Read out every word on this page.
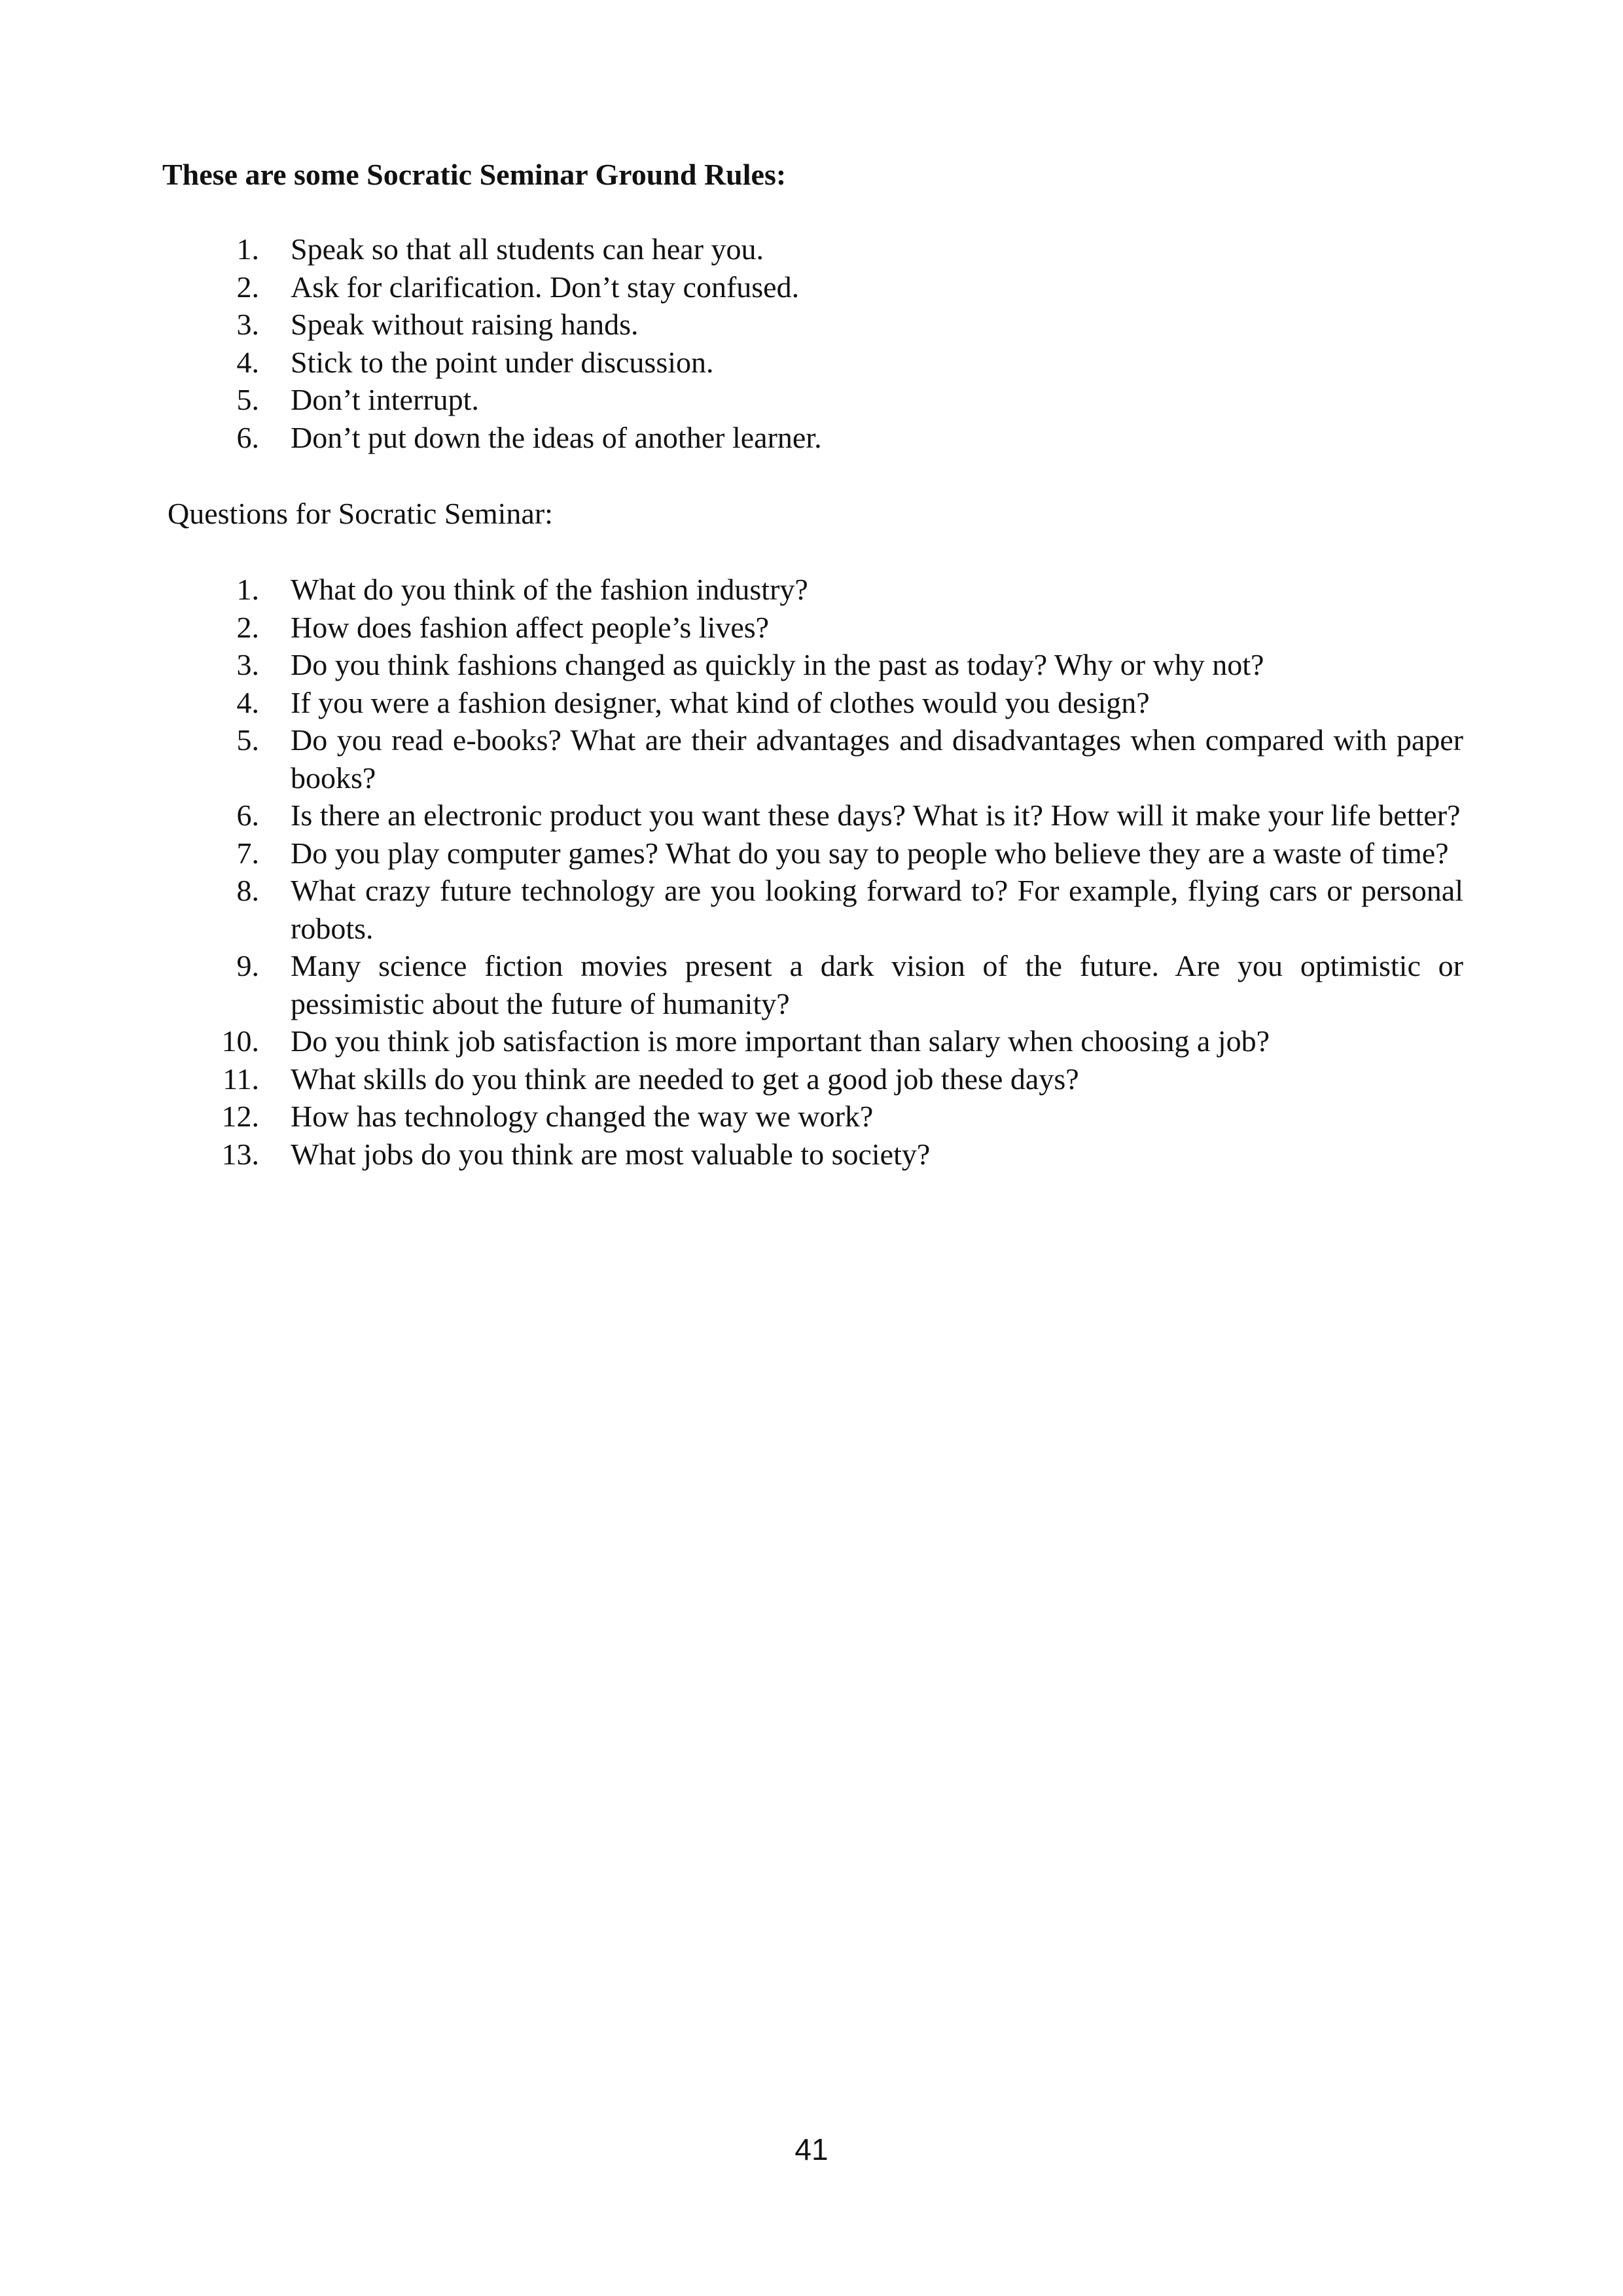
These are some Socratic Seminar Ground Rules:
1. Speak so that all students can hear you.
2. Ask for clarification. Don’t stay confused.
3. Speak without raising hands.
4. Stick to the point under discussion.
5. Don’t interrupt.
6. Don’t put down the ideas of another learner.
Questions for Socratic Seminar:
1. What do you think of the fashion industry?
2. How does fashion affect people’s lives?
3. Do you think fashions changed as quickly in the past as today? Why or why not?
4. If you were a fashion designer, what kind of clothes would you design?
5. Do you read e-books? What are their advantages and disadvantages when compared with paper books?
6. Is there an electronic product you want these days? What is it? How will it make your life better?
7. Do you play computer games? What do you say to people who believe they are a waste of time?
8. What crazy future technology are you looking forward to? For example, flying cars or personal robots.
9. Many science fiction movies present a dark vision of the future. Are you optimistic or pessimistic about the future of humanity?
10. Do you think job satisfaction is more important than salary when choosing a job?
11. What skills do you think are needed to get a good job these days?
12. How has technology changed the way we work?
13. What jobs do you think are most valuable to society?
41
